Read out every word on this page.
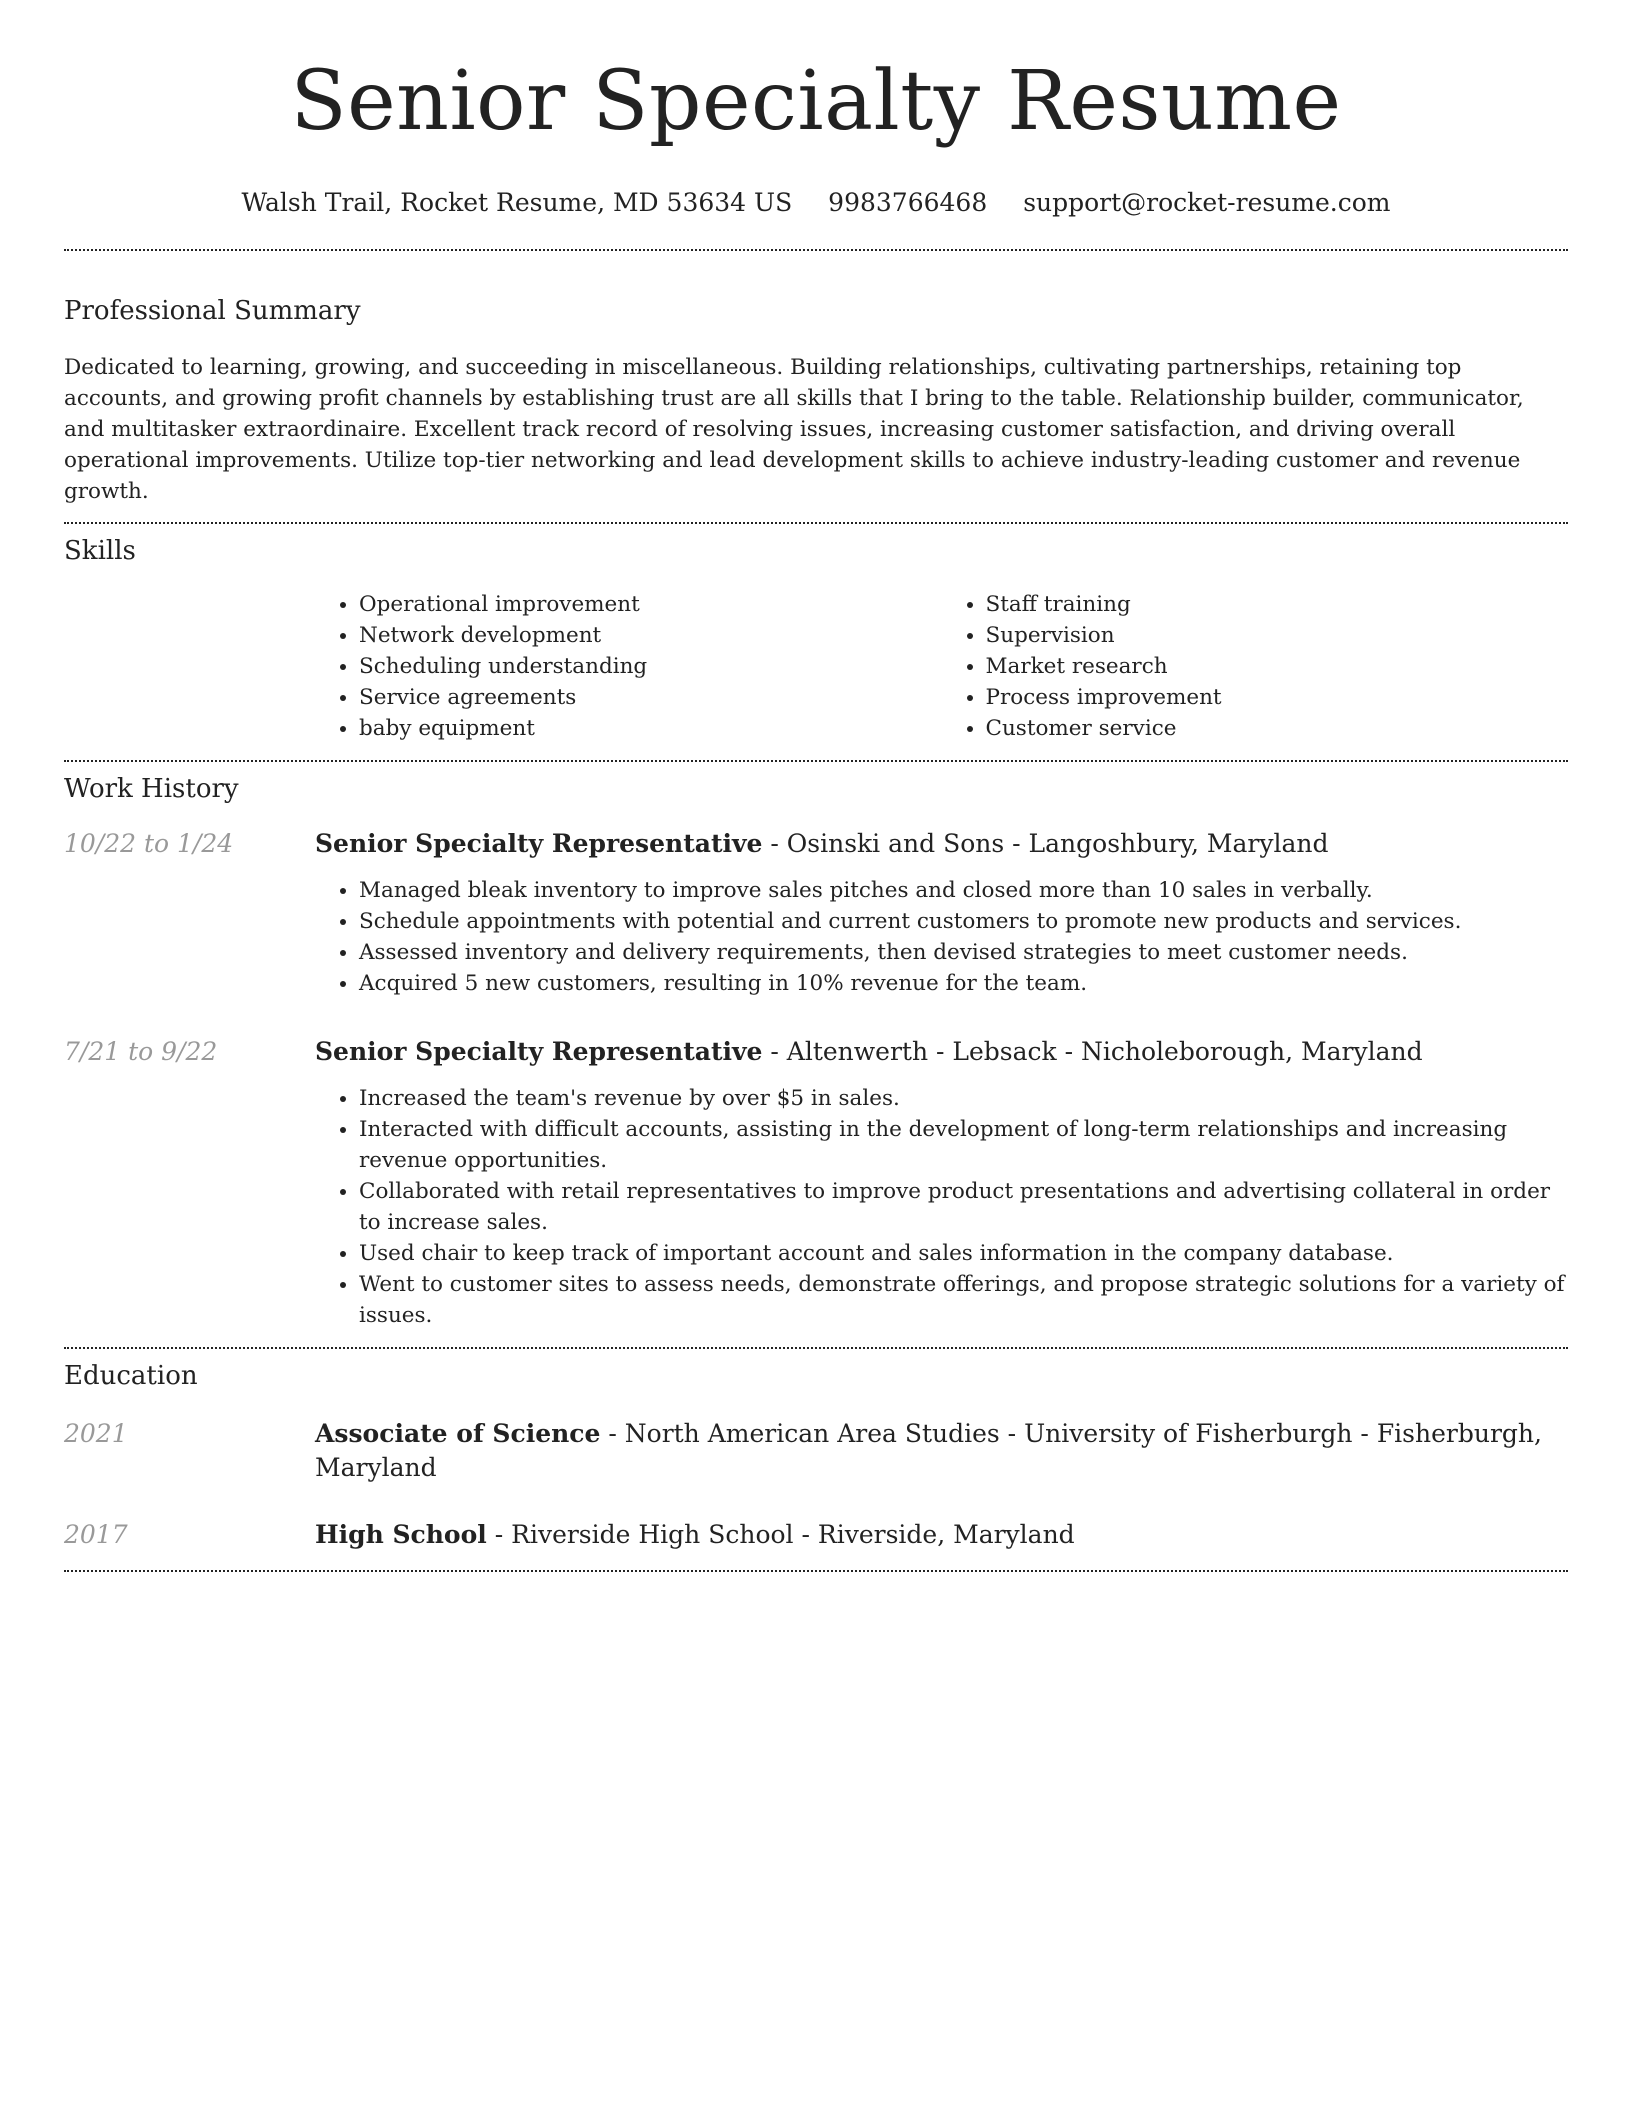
Senior Specialty Resume
Walsh Trail, Rocket Resume, MD 53634 US 9983766468 support@rocket-resume.com
Professional Summary

Dedicated to learning, growing, and succeeding in miscellaneous. Building relationships, cultivating partnerships, retaining top accounts, and growing profit channels by establishing trust are all skills that I bring to the table. Relationship builder, communicator, and multitasker extraordinaire. Excellent track record of resolving issues, increasing customer satisfaction, and driving overall operational improvements. Utilize top-tier networking and lead development skills to achieve industry-leading customer and revenue growth.

Skills
• Operational improvement
• Network development
• Scheduling understanding
• Service agreements
• baby equipment
• Staff training
• Supervision
• Market research
• Process improvement
• Customer service
Work History
10/22 to 1/24	Senior Specialty Representative - Osinski and Sons - Langoshbury, Maryland

• Managed bleak inventory to improve sales pitches and closed more than 10 sales in verbally.
• Schedule appointments with potential and current customers to promote new products and services.
• Assessed inventory and delivery requirements, then devised strategies to meet customer needs.
• Acquired 5 new customers, resulting in 10% revenue for the team.
7/21 to 9/22	Senior Specialty Representative - Altenwerth - Lebsack - Nicholeborough, Maryland

• Increased the team's revenue by over $5 in sales.
• Interacted with difficult accounts, assisting in the development of long-term relationships and increasing revenue opportunities.
• Collaborated with retail representatives to improve product presentations and advertising collateral in order to increase sales.
• Used chair to keep track of important account and sales information in the company database.
• Went to customer sites to assess needs, demonstrate offerings, and propose strategic solutions for a variety of issues.
Education
2021	Associate of Science - North American Area Studies - University of Fisherburgh - Fisherburgh, Maryland
2017	High School - Riverside High School - Riverside, Maryland
